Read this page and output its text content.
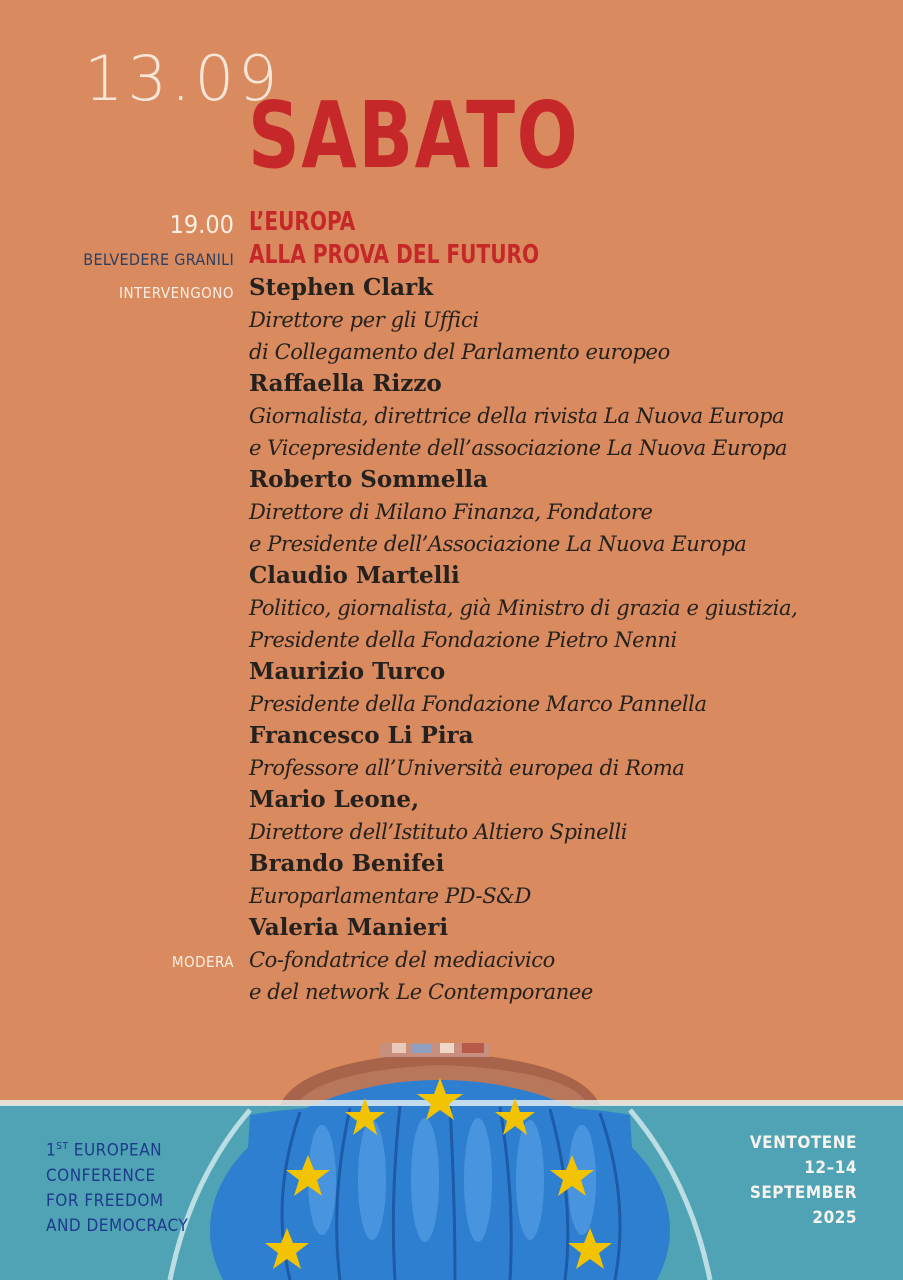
13.09
SABATO
19.00
BELVEDERE GRANILI
INTERVENGONO
MODERA
L’EUROPA
ALLA PROVA DEL FUTURO
Stephen Clark
Direttore per gli Uffici
di Collegamento del Parlamento europeo
Raffaella Rizzo
Giornalista, direttrice della rivista La Nuova Europa
e Vicepresidente dell’associazione La Nuova Europa
Roberto Sommella
Direttore di Milano Finanza, Fondatore
e Presidente dell’Associazione La Nuova Europa
Claudio Martelli
Politico, giornalista, già Ministro di grazia e giustizia,
Presidente della Fondazione Pietro Nenni
Maurizio Turco
Presidente della Fondazione Marco Pannella
Francesco Li Pira
Professore all’Università europea di Roma
Mario Leone,
Direttore dell’Istituto Altiero Spinelli
Brando Benifei
Europarlamentare PD-S&D
Valeria Manieri
Co-fondatrice del mediacivico
e del network Le Contemporanee
1ST EUROPEAN
CONFERENCE
FOR FREEDOM
AND DEMOCRACY
VENTOTENE
12–14
SEPTEMBER
2025
